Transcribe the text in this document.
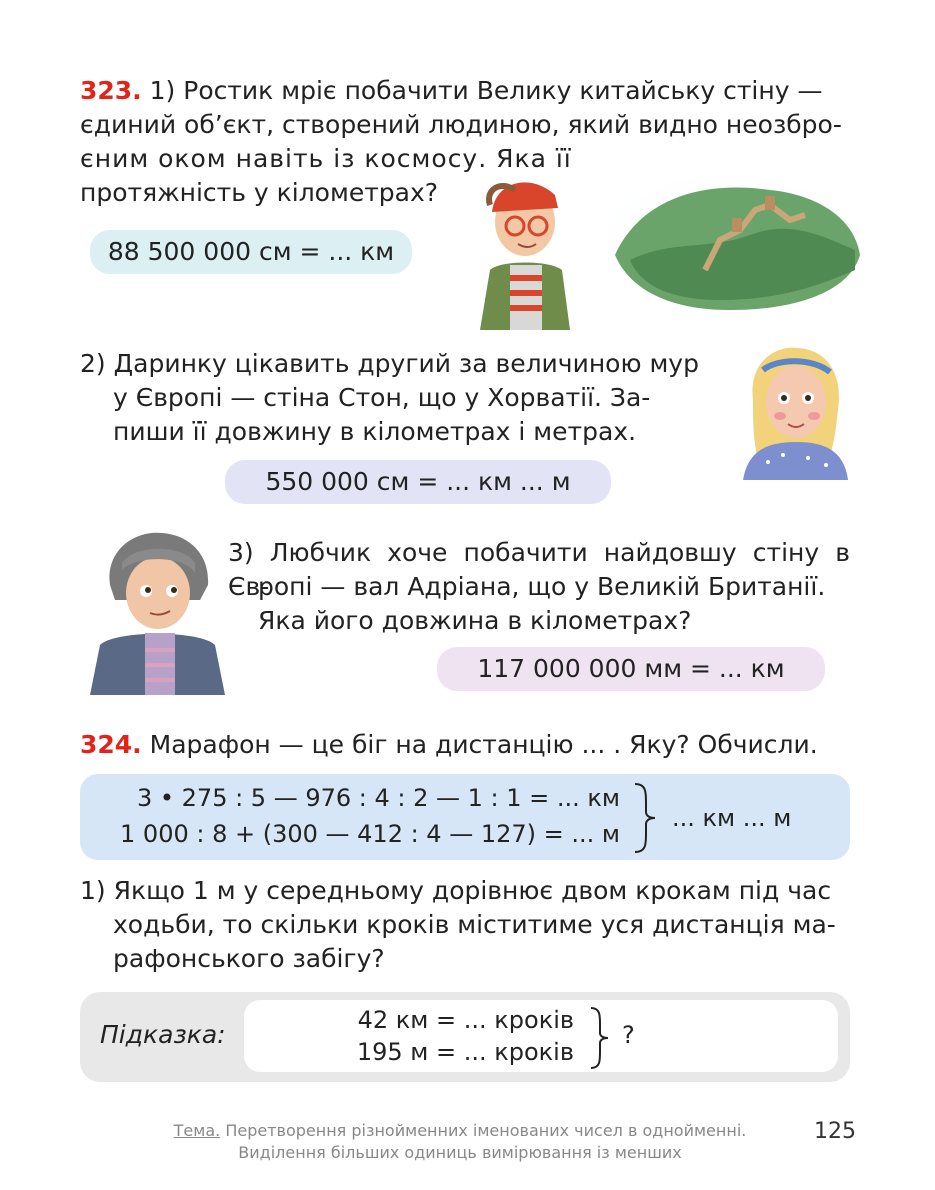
323. 1) Ростик мріє побачити Велику китайську стіну —
єдиний об’єкт, створений людиною, який видно неозбро-
єним оком навіть із космосу. Яка її
протяжність у кілометрах?
88 500 000 см = ... км
2) Даринку цікавить другий за величиною мур
у Європі — стіна Стон, що у Хорватії. За-
пиши її довжину в кілометрах і метрах.
550 000 см = ... км ... м
3) Любчик хоче побачити найдовшу стіну в Єв-
ропі — вал Адріана, що у Великій Британії.
Яка його довжина в кілометрах?
117 000 000 мм = ... км
324. Марафон — це біг на дистанцію ... . Яку? Обчисли.
3 • 275 : 5 — 976 : 4 : 2 — 1 : 1 = ... км
1 000 : 8 + (300 — 412 : 4 — 127) = ... м
... км ... м
1) Якщо 1 м у середньому дорівнює двом крокам під час
ходьби, то скільки кроків міститиме уся дистанція ма-
рафонського забігу?
Підказка:	42 км = ... кроків
195 м = ... кроків
?
Тема. Перетворення різнойменних іменованих чисел в однойменні.
Виділення більших одиниць вимірювання із менших
125
